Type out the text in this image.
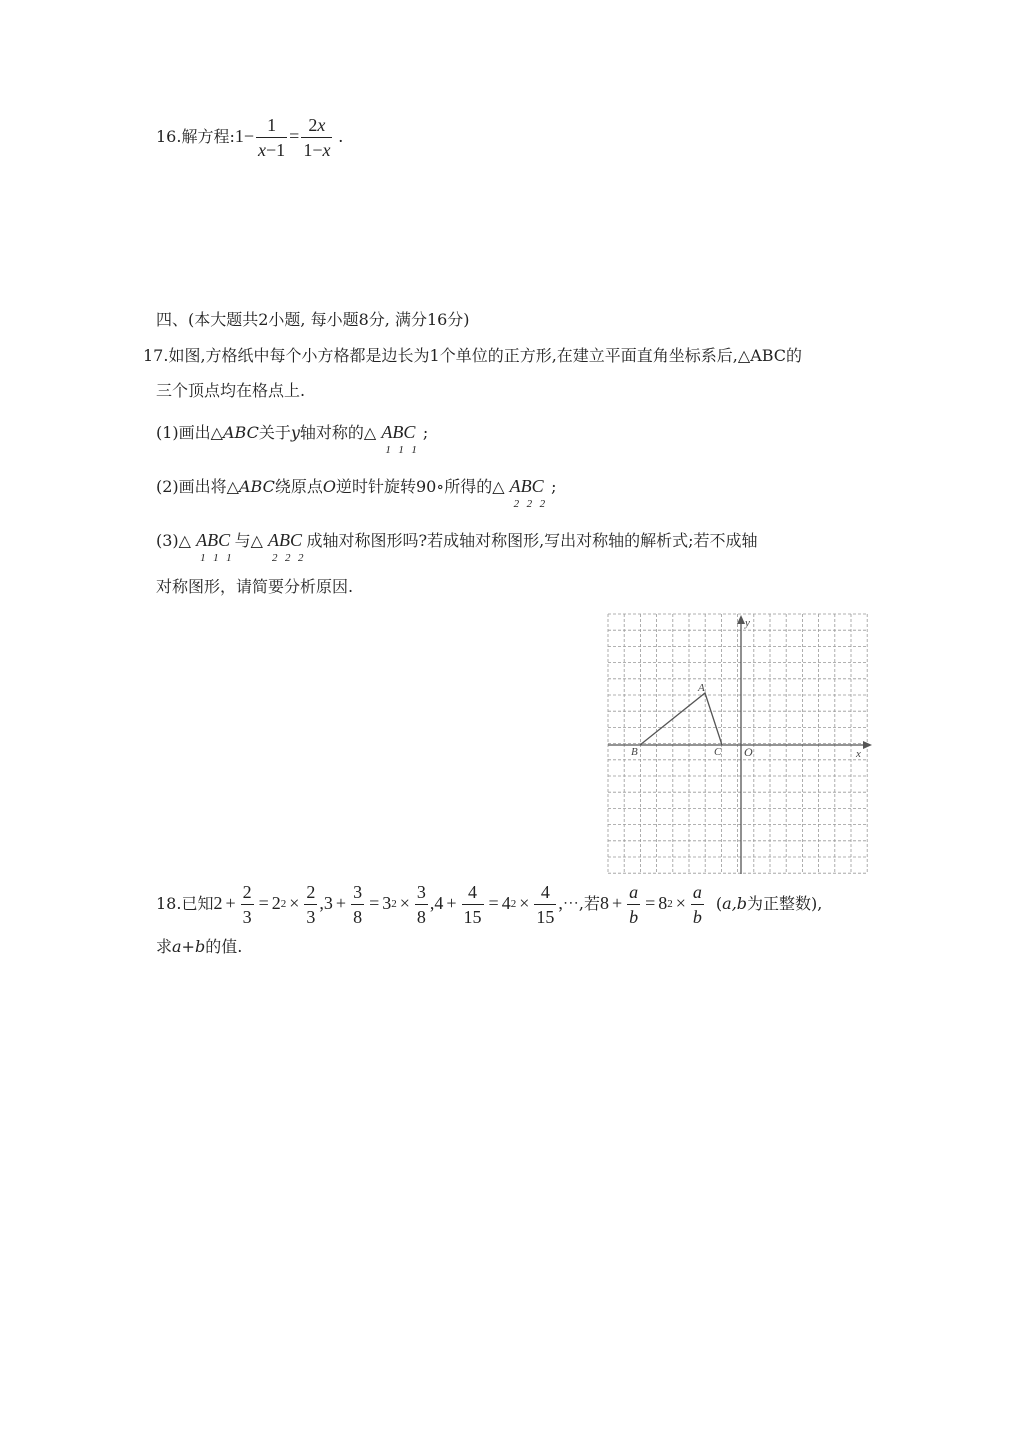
16.解方程:1− $\frac{1}{x-1} = \frac{2x}{1-x}$ .
四、(本大题共2小题, 每小题8分, 满分16分)
17.如图,方格纸中每个小方格都是边长为1个单位的正方形,在建立平面直角坐标系后,△ABC的
三个顶点均在格点上.
(1)画出△ABC关于y轴对称的△ A
1
B
1
C
1
;
(2)画出将△ABC绕原点O逆时针旋转90∘所得的△ A
2
B
2
C
2
;
(3)△ A
1
B
1
C
1
与△ A
2
B
2
C
2
成轴对称图形吗?若成轴对称图形,写出对称轴的解析式;若不成轴
对称图形，请简要分析原因.
x
y
O
A
B	C
18.已知$2 + \frac{2}{3} = 22 \times \frac{2}{3} ,3 + \frac{3}{8} = 32 \times \frac{3}{8} ,4 + \frac{4}{15} = 42 \times \frac{4}{15}$ ,⋯,若$8 + \frac{a}{b} = 82 \times \frac{a}{b} (a,b$为正整数),
求a+b的值.
